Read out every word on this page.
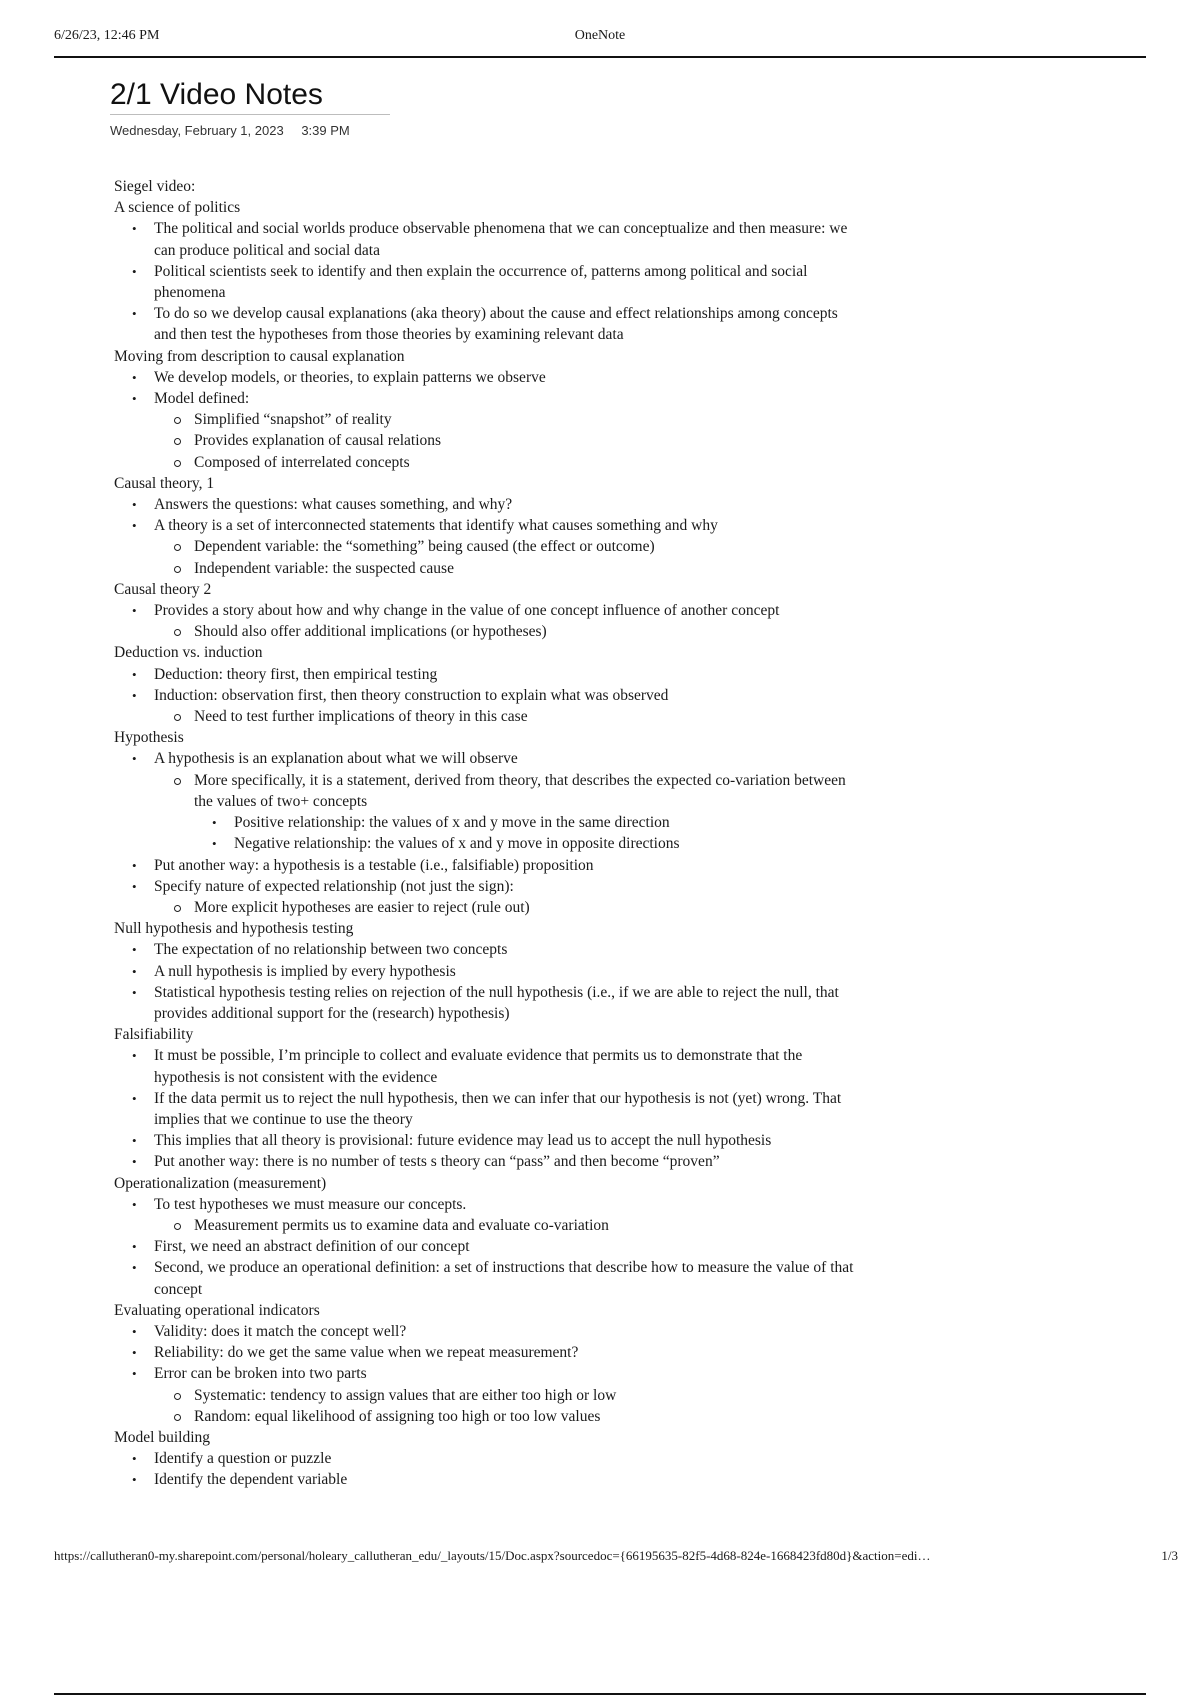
6/26/23, 12:46 PM	OneNote
2/1 Video Notes
Wednesday, February 1, 2023 3:39 PM

Siegel video:

A science of politics

• The political and social worlds produce observable phenomena that we can conceptualize and then measure: we can produce political and social data
• Political scientists seek to identify and then explain the occurrence of, patterns among political and social phenomena
• To do so we develop causal explanations (aka theory) about the cause and effect relationships among concepts and then test the hypotheses from those theories by examining relevant data

Moving from description to causal explanation

• We develop models, or theories, to explain patterns we observe
• Model defined:
Simplified “snapshot” of reality
Provides explanation of causal relations
Composed of interrelated concepts

Causal theory, 1

• Answers the questions: what causes something, and why?
• A theory is a set of interconnected statements that identify what causes something and why
Dependent variable: the “something” being caused (the effect or outcome)
Independent variable: the suspected cause

Causal theory 2

• Provides a story about how and why change in the value of one concept influence of another concept
Should also offer additional implications (or hypotheses)

Deduction vs. induction

• Deduction: theory first, then empirical testing
• Induction: observation first, then theory construction to explain what was observed
Need to test further implications of theory in this case

Hypothesis

• A hypothesis is an explanation about what we will observe
More specifically, it is a statement, derived from theory, that describes the expected co-variation between the values of two+ concepts
• Positive relationship: the values of x and y move in the same direction
• Negative relationship: the values of x and y move in opposite directions
• Put another way: a hypothesis is a testable (i.e., falsifiable) proposition
• Specify nature of expected relationship (not just the sign):
More explicit hypotheses are easier to reject (rule out)

Null hypothesis and hypothesis testing

• The expectation of no relationship between two concepts
• A null hypothesis is implied by every hypothesis
• Statistical hypothesis testing relies on rejection of the null hypothesis (i.e., if we are able to reject the null, that provides additional support for the (research) hypothesis)

Falsifiability

• It must be possible, I’m principle to collect and evaluate evidence that permits us to demonstrate that the hypothesis is not consistent with the evidence
• If the data permit us to reject the null hypothesis, then we can infer that our hypothesis is not (yet) wrong. That implies that we continue to use the theory
• This implies that all theory is provisional: future evidence may lead us to accept the null hypothesis
• Put another way: there is no number of tests s theory can “pass” and then become “proven”

Operationalization (measurement)

• To test hypotheses we must measure our concepts.
Measurement permits us to examine data and evaluate co-variation
• First, we need an abstract definition of our concept
• Second, we produce an operational definition: a set of instructions that describe how to measure the value of that concept

Evaluating operational indicators

• Validity: does it match the concept well?
• Reliability: do we get the same value when we repeat measurement?
• Error can be broken into two parts
Systematic: tendency to assign values that are either too high or low
Random: equal likelihood of assigning too high or too low values

Model building

• Identify a question or puzzle
• Identify the dependent variable
https://callutheran0-my.sharepoint.com/personal/holeary_callutheran_edu/_layouts/15/Doc.aspx?sourcedoc={66195635-82f5-4d68-824e-1668423fd80d}&action=edi…	1/3
